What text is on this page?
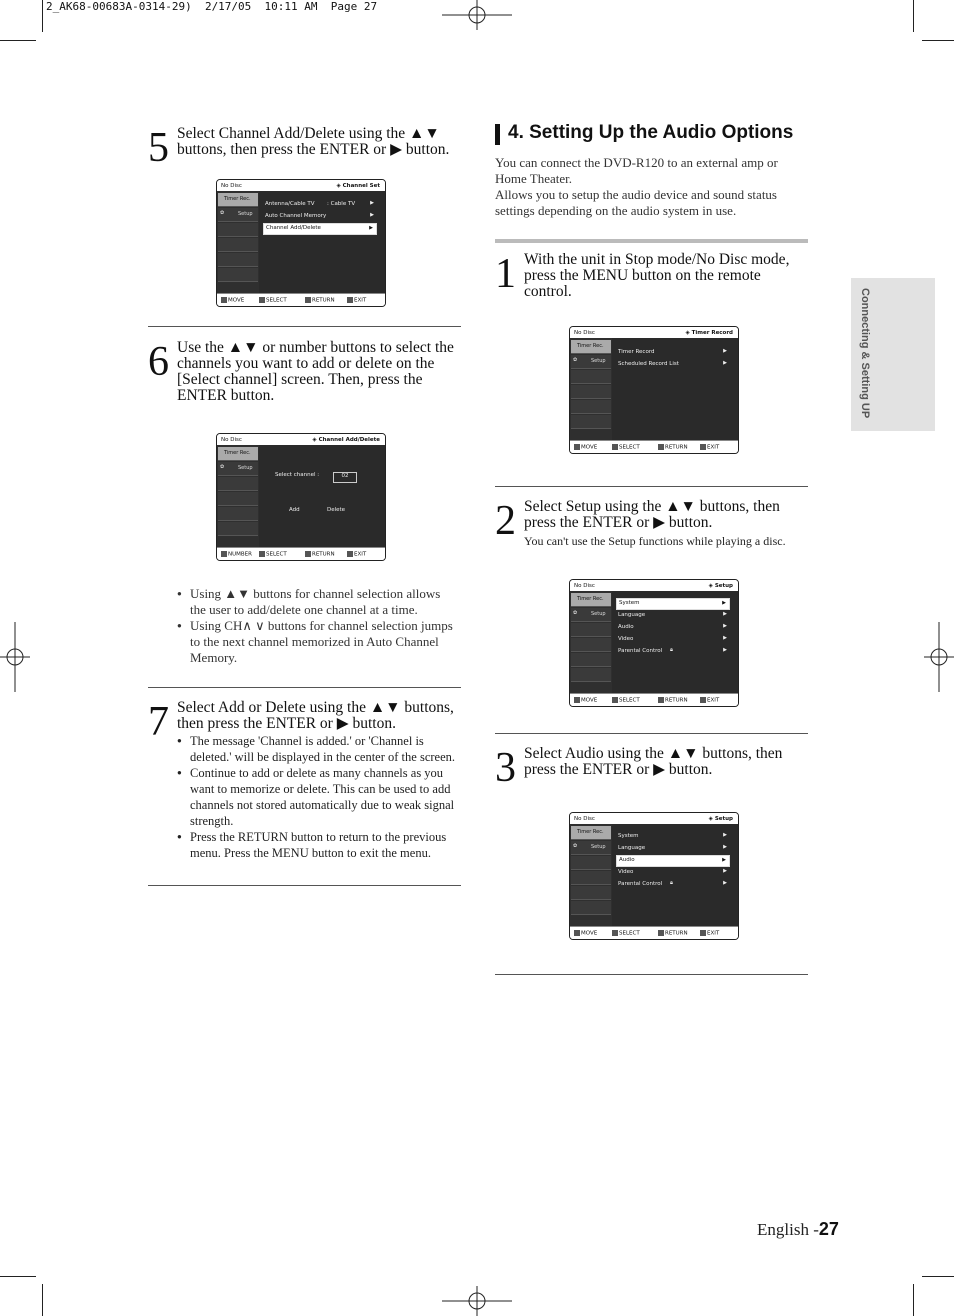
2_AK68-00683A-0314-29)  2/17/05  10:11 AM  Page 27
Connecting & Setting UP
5 Select Channel Add/Delete using the ▲▼ buttons, then press the ENTER or ▶ button.
No Disc	◈ Channel Set
Timer Rec.
✿	Setup
Antenna/Cable TV : Cable TV	▶
Auto Channel Memory	▶
Channel Add/Delete	▶
MOVE	SELECT	RETURN	EXIT
6 Use the ▲▼ or number buttons to select the channels you want to add or delete on the [Select channel] screen. Then, press the ENTER button.
No Disc	◈ Channel Add/Delete
Timer Rec.
✿	Setup
Select channel :	02
Add	Delete
NUMBER	SELECT	RETURN	EXIT
● Using ▲▼ buttons for channel selection allows the user to add/delete one channel at a time.
● Using CH∧ ∨ buttons for channel selection jumps to the next channel memorized in Auto Channel Memory.
7 Select Add or Delete using the ▲▼ buttons, then press the ENTER or ▶ button.
● The message 'Channel is added.' or 'Channel is deleted.' will be displayed in the center of the screen.
● Continue to add or delete as many channels as you want to memorize or delete. This can be used to add channels not stored automatically due to weak signal strength.
● Press the RETURN button to return to the previous menu. Press the MENU button to exit the menu.
4. Setting Up the Audio Options
You can connect the DVD-R120 to an external amp or Home Theater.
Allows you to setup the audio device and sound status settings depending on the audio system in use.
1 With the unit in Stop mode/No Disc mode, press the MENU button on the remote control.
No Disc	◈ Timer Record
Timer Rec.
✿	Setup
Timer Record	▶
Scheduled Record List	▶
MOVE	SELECT	RETURN	EXIT
2 Select Setup using the ▲▼ buttons, then press the ENTER or ▶ button.
You can't use the Setup functions while playing a disc.
No Disc	◈ Setup
Timer Rec.
✿	Setup
System	▶
Language	▶
Audio	▶
Video	▶
Parental Control 🔒︎	▶
MOVE	SELECT	RETURN	EXIT
3 Select Audio using the ▲▼ buttons, then press the ENTER or ▶ button.
No Disc	◈ Setup
Timer Rec.
✿	Setup
System	▶
Language	▶
Audio	▶
Video	▶
Parental Control 🔒︎	▶
MOVE	SELECT	RETURN	EXIT
English -27
